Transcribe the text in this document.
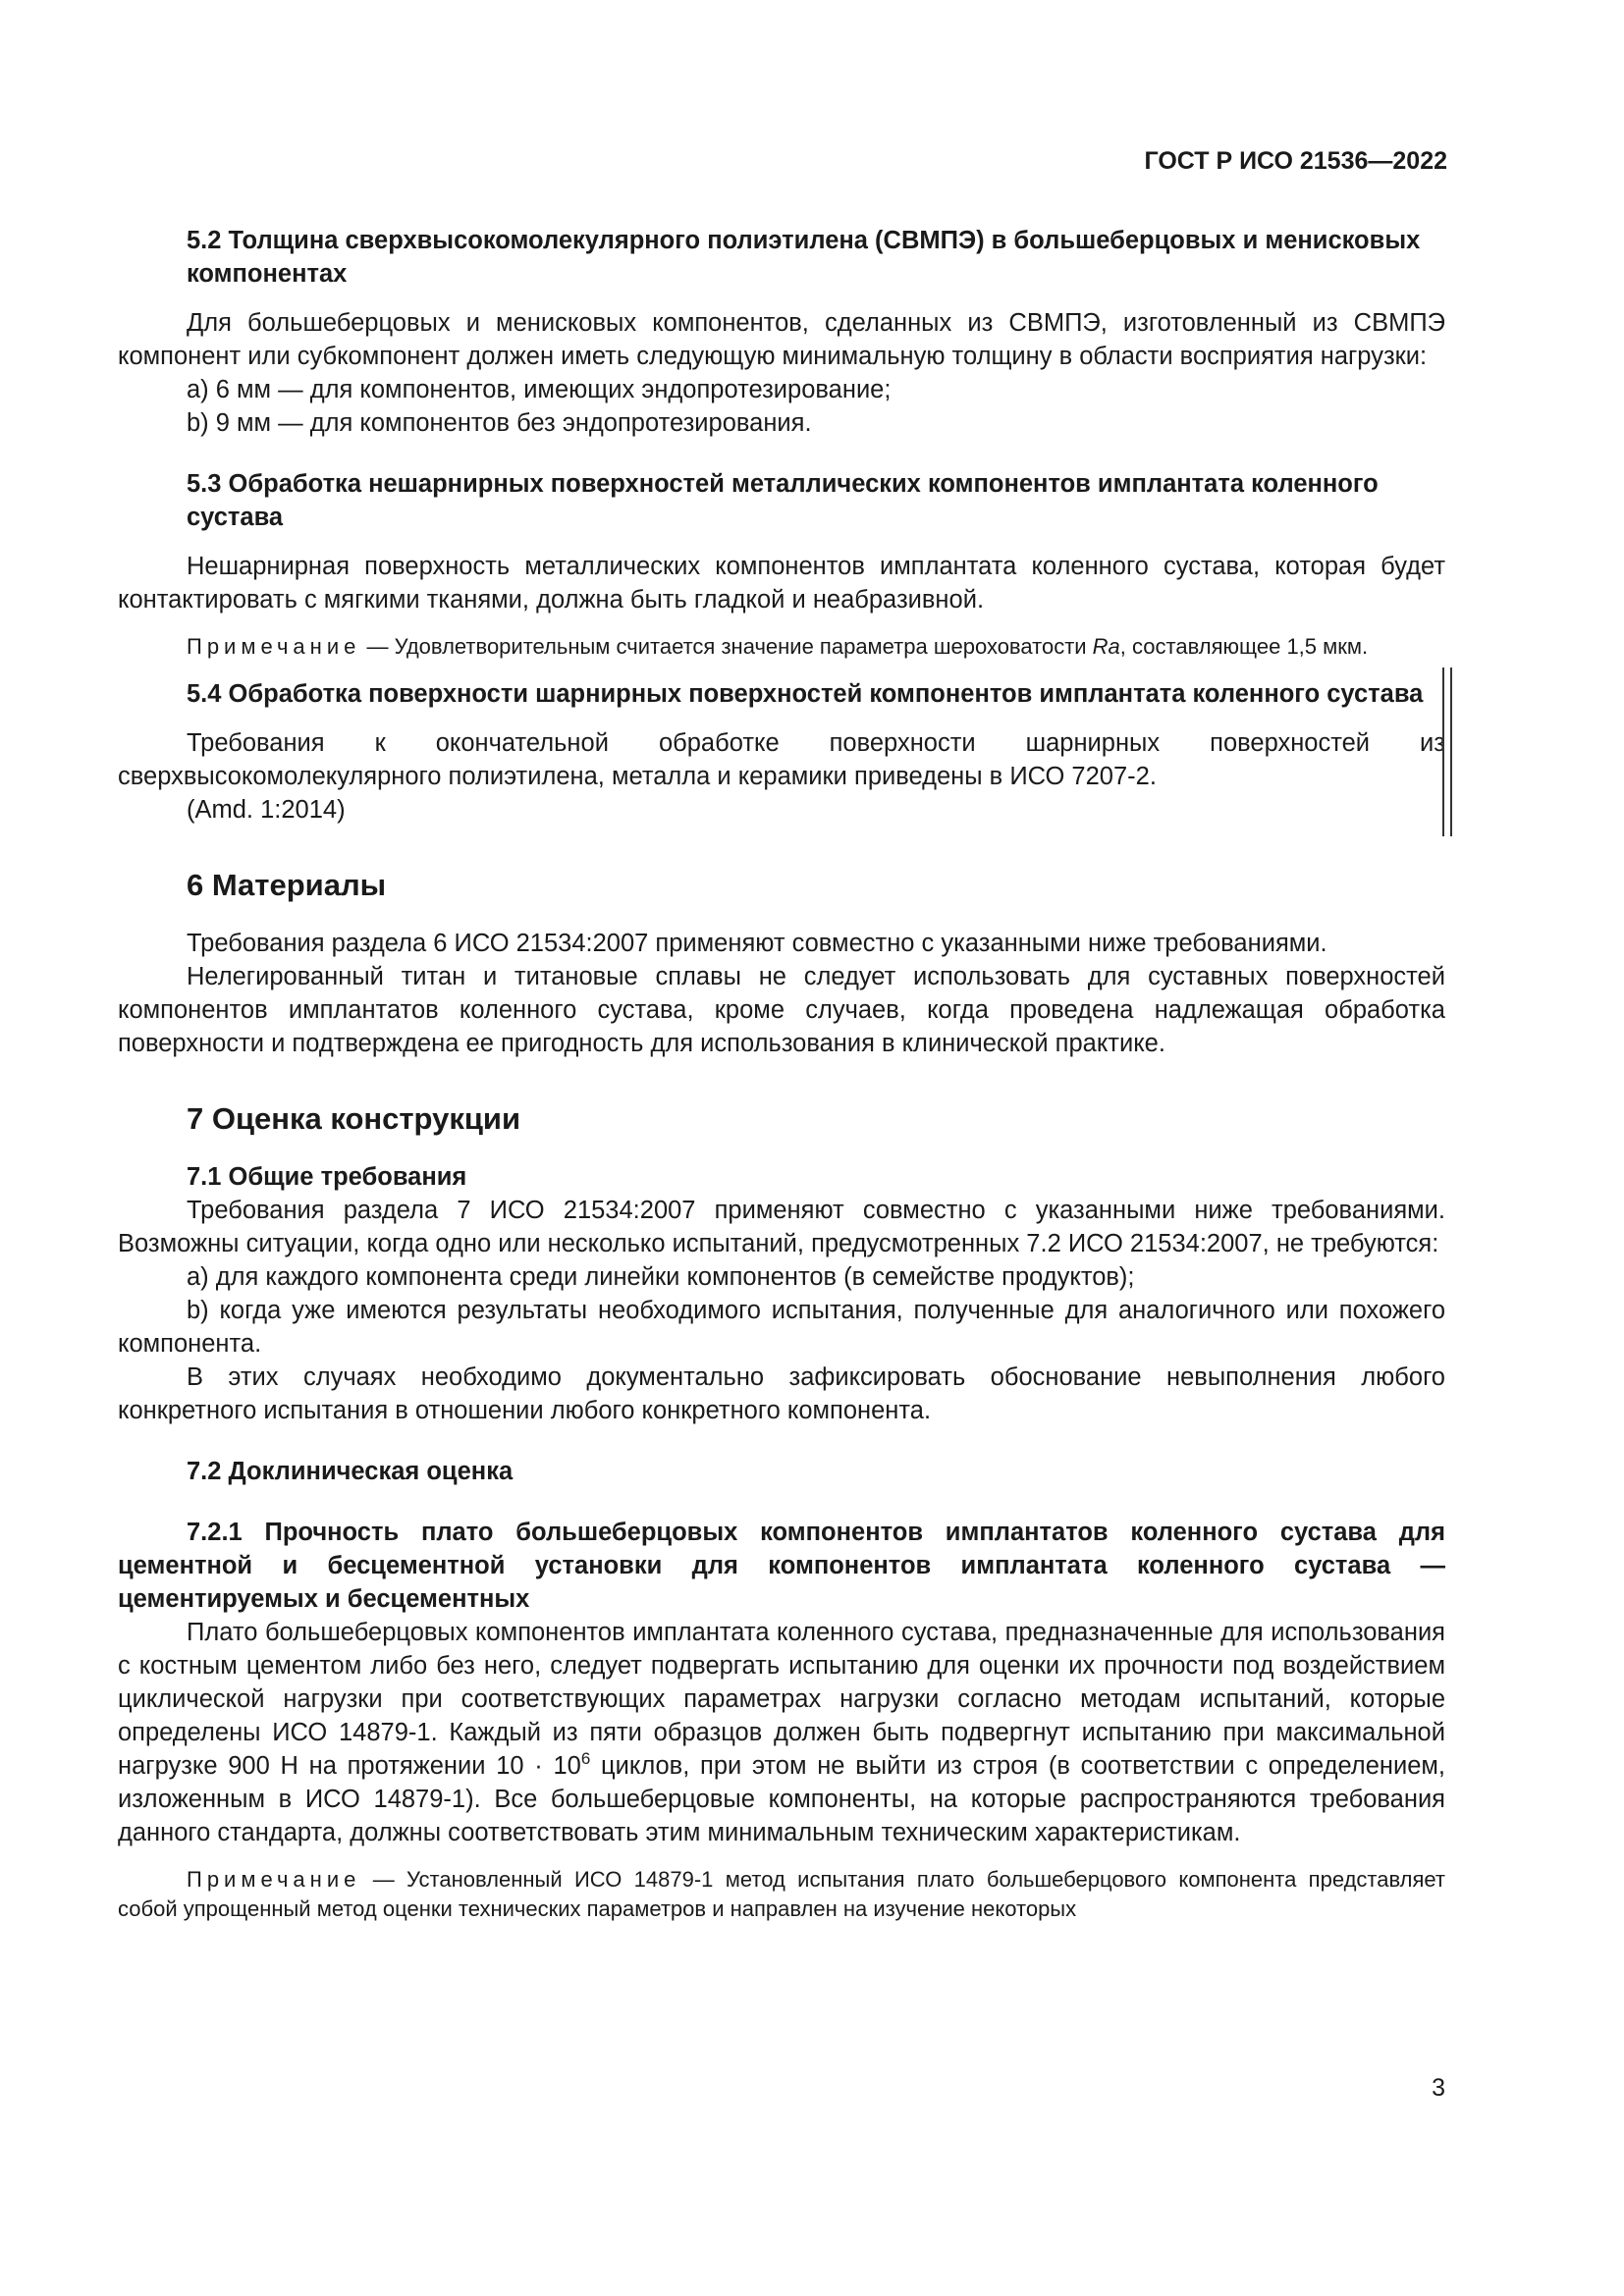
ГОСТ Р ИСО 21536—2022

5.2 Толщина сверхвысокомолекулярного полиэтилена (СВМПЭ) в большеберцовых и менисковых компонентах

Для большеберцовых и менисковых компонентов, сделанных из СВМПЭ, изготовленный из СВМПЭ компонент или субкомпонент должен иметь следующую минимальную толщину в области восприятия нагрузки:

a) 6 мм — для компонентов, имеющих эндопротезирование;

b) 9 мм — для компонентов без эндопротезирования.

5.3 Обработка нешарнирных поверхностей металлических компонентов имплантата коленного сустава

Нешарнирная поверхность металлических компонентов имплантата коленного сустава, которая будет контактировать с мягкими тканями, должна быть гладкой и неабразивной.

Примечание — Удовлетворительным считается значение параметра шероховатости Ra, составляющее 1,5 мкм.

5.4 Обработка поверхности шарнирных поверхностей компонентов имплантата коленного сустава

Требования к окончательной обработке поверхности шарнирных поверхностей из сверхвысокомолекулярного полиэтилена, металла и керамики приведены в ИСО 7207-2.

(Amd. 1:2014)

6 Материалы

Требования раздела 6 ИСО 21534:2007 применяют совместно с указанными ниже требованиями.

Нелегированный титан и титановые сплавы не следует использовать для суставных поверхностей компонентов имплантатов коленного сустава, кроме случаев, когда проведена надлежащая обработка поверхности и подтверждена ее пригодность для использования в клинической практике.

7 Оценка конструкции

7.1 Общие требования

Требования раздела 7 ИСО 21534:2007 применяют совместно с указанными ниже требованиями. Возможны ситуации, когда одно или несколько испытаний, предусмотренных 7.2 ИСО 21534:2007, не требуются:

a) для каждого компонента среди линейки компонентов (в семействе продуктов);

b) когда уже имеются результаты необходимого испытания, полученные для аналогичного или похожего компонента.

В этих случаях необходимо документально зафиксировать обоснование невыполнения любого конкретного испытания в отношении любого конкретного компонента.

7.2 Доклиническая оценка

7.2.1 Прочность плато большеберцовых компонентов имплантатов коленного сустава для цементной и бесцементной установки для компонентов имплантата коленного сустава — цементируемых и бесцементных

Плато большеберцовых компонентов имплантата коленного сустава, предназначенные для использования с костным цементом либо без него, следует подвергать испытанию для оценки их прочности под воздействием циклической нагрузки при соответствующих параметрах нагрузки согласно методам испытаний, которые определены ИСО 14879-1. Каждый из пяти образцов должен быть подвергнут испытанию при максимальной нагрузке 900 Н на протяжении $10 \cdot 10^6$ циклов, при этом не выйти из строя (в соответствии с определением, изложенным в ИСО 14879-1). Все большеберцовые компоненты, на которые распространяются требования данного стандарта, должны соответствовать этим минимальным техническим характеристикам.

Примечание — Установленный ИСО 14879-1 метод испытания плато большеберцового компонента представляет собой упрощенный метод оценки технических параметров и направлен на изучение некоторых

3
